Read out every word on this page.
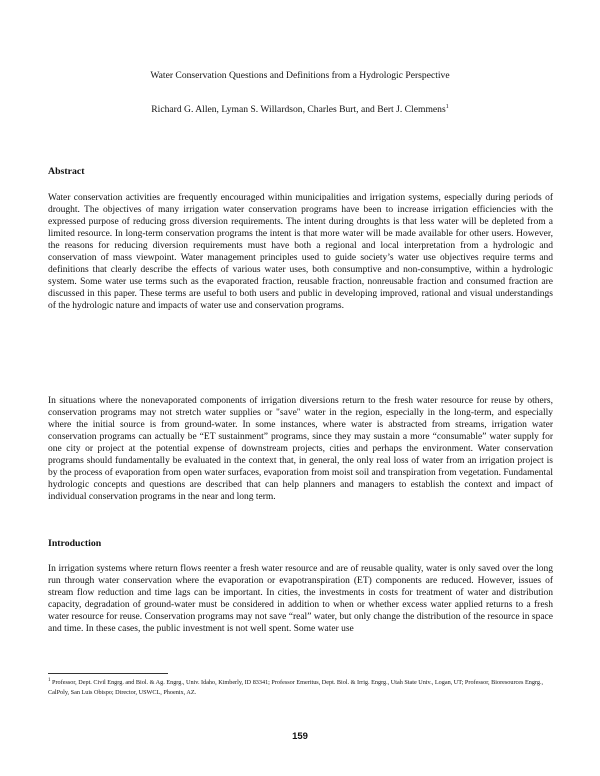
Water Conservation Questions and Definitions from a Hydrologic Perspective
Richard G. Allen, Lyman S. Willardson, Charles Burt, and Bert J. Clemmens$^1$
Abstract

Water conservation activities are frequently encouraged within municipalities and irrigation systems, especially during periods of drought. The objectives of many irrigation water conservation programs have been to increase irrigation efficiencies with the expressed purpose of reducing gross diversion requirements. The intent during droughts is that less water will be depleted from a limited resource. In long-term conservation programs the intent is that more water will be made available for other users. However, the reasons for reducing diversion requirements must have both a regional and local interpretation from a hydrologic and conservation of mass viewpoint. Water management principles used to guide society’s water use objectives require terms and definitions that clearly describe the effects of various water uses, both consumptive and non-consumptive, within a hydrologic system. Some water use terms such as the evaporated fraction, reusable fraction, nonreusable fraction and consumed fraction are discussed in this paper. These terms are useful to both users and public in developing improved, rational and visual understandings of the hydrologic nature and impacts of water use and conservation programs.

In situations where the nonevaporated components of irrigation diversions return to the fresh water resource for reuse by others, conservation programs may not stretch water supplies or "save" water in the region, especially in the long-term, and especially where the initial source is from ground-water. In some instances, where water is abstracted from streams, irrigation water conservation programs can actually be “ET sustainment” programs, since they may sustain a more “consumable” water supply for one city or project at the potential expense of downstream projects, cities and perhaps the environment. Water conservation programs should fundamentally be evaluated in the context that, in general, the only real loss of water from an irrigation project is by the process of evaporation from open water surfaces, evaporation from moist soil and transpiration from vegetation. Fundamental hydrologic concepts and questions are described that can help planners and managers to establish the context and impact of individual conservation programs in the near and long term.

Introduction

In irrigation systems where return flows reenter a fresh water resource and are of reusable quality, water is only saved over the long run through water conservation where the evaporation or evapotranspiration (ET) components are reduced. However, issues of stream flow reduction and time lags can be important. In cities, the investments in costs for treatment of water and distribution capacity, degradation of ground-water must be considered in addition to when or whether excess water applied returns to a fresh water resource for reuse. Conservation programs may not save “real” water, but only change the distribution of the resource in space and time. In these cases, the public investment is not well spent. Some water use

$^1$ Professor, Dept. Civil Engrg. and Biol. & Ag. Engrg., Univ. Idaho, Kimberly, ID 83341; Professor Emeritus, Dept. Biol. & Irrig. Engrg., Utah State Univ., Logan, UT; Professor, Bioresources Engrg., CalPoly, San Luis Obispo; Director, USWCL, Phoenix, AZ.

159
